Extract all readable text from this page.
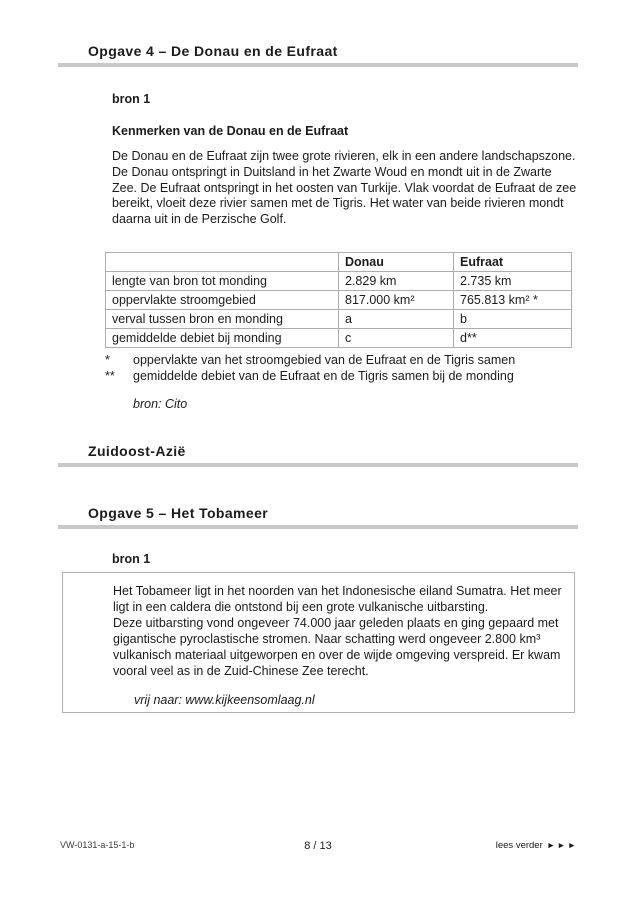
Opgave 4 – De Donau en de Eufraat
bron 1
Kenmerken van de Donau en de Eufraat

De Donau en de Eufraat zijn twee grote rivieren, elk in een andere landschapszone. De Donau ontspringt in Duitsland in het Zwarte Woud en mondt uit in de Zwarte Zee. De Eufraat ontspringt in het oosten van Turkije. Vlak voordat de Eufraat de zee bereikt, vloeit deze rivier samen met de Tigris. Het water van beide rivieren mondt daarna uit in de Perzische Golf.

	Donau	Eufraat
lengte van bron tot monding	2.829 km	2.735 km
oppervlakte stroomgebied	817.000 km²	765.813 km² *
verval tussen bron en monding	a	b
gemiddelde debiet bij monding	c	d**
*	oppervlakte van het stroomgebied van de Eufraat en de Tigris samen
**	gemiddelde debiet van de Eufraat en de Tigris samen bij de monding
bron: Cito
Zuidoost-Azië
Opgave 5 – Het Tobameer
bron 1

Het Tobameer ligt in het noorden van het Indonesische eiland Sumatra. Het meer ligt in een caldera die ontstond bij een grote vulkanische uitbarsting.

Deze uitbarsting vond ongeveer 74.000 jaar geleden plaats en ging gepaard met gigantische pyroclastische stromen. Naar schatting werd ongeveer 2.800 km³ vulkanisch materiaal uitgeworpen en over de wijde omgeving verspreid. Er kwam vooral veel as in de Zuid-Chinese Zee terecht.

vrij naar: www.kijkeensomlaag.nl
VW-0131-a-15-1-b	8 / 13	lees verder ►►►
